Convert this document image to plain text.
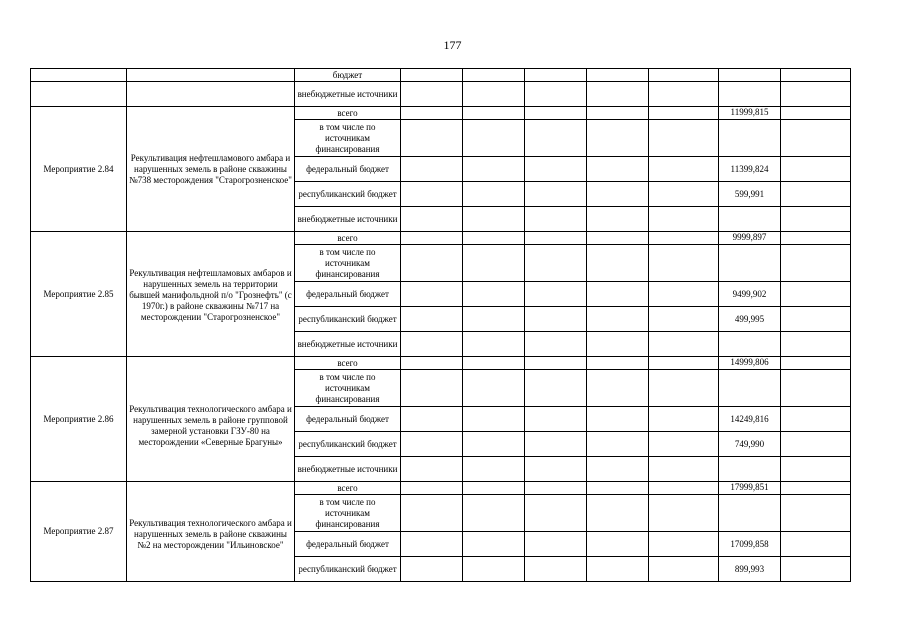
177
		бюджет							
		внебюджетные источники							
Мероприятие 2.84	Рекультивация нефтешламового амбара и нарушенных земель в районе скважины №738 месторождения "Старогрозненское"	всего						11999,815	
		в том числе по источникам финансирования							
		федеральный бюджет						11399,824	
		республиканский бюджет						599,991	
		внебюджетные источники							
Мероприятие 2.85	Рекультивация нефтешламовых амбаров и нарушенных земель на территории бывшей манифольдной п/о "Грознефть" (с 1970г.) в районе скважины №717 на месторождении "Старогрозненское"	всего						9999,897	
		в том числе по источникам финансирования							
		федеральный бюджет						9499,902	
		республиканский бюджет						499,995	
		внебюджетные источники							
Мероприятие 2.86	Рекультивация технологического амбара и нарушенных земель в районе групповой замерной установки ГЗУ-80 на месторождении «Северные Брагуны»	всего						14999,806	
		в том числе по источникам финансирования							
		федеральный бюджет						14249,816	
		республиканский бюджет						749,990	
		внебюджетные источники							
Мероприятие 2.87	Рекультивация технологического амбара и нарушенных земель в районе скважины №2 на месторождении "Ильиновское"	всего						17999,851	
		в том числе по источникам финансирования							
		федеральный бюджет						17099,858	
		республиканский бюджет						899,993	
